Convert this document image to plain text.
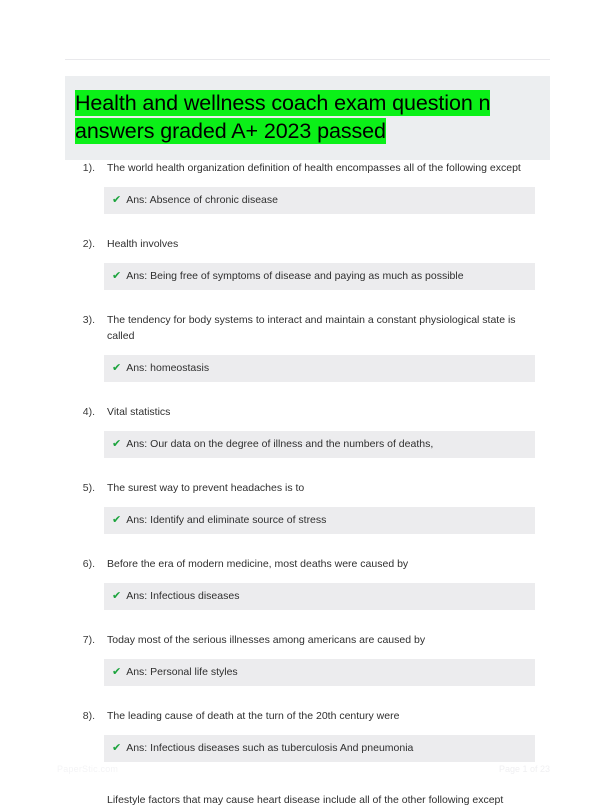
Health and wellness coach exam question n
answers graded A+ 2023 passed
1).	The world health organization definition of health encompasses all of the following except

✔ Ans: Absence of chronic disease
2).	Health involves

✔ Ans: Being free of symptoms of disease and paying as much as possible
3).	The tendency for body systems to interact and maintain a constant physiological state is called

✔ Ans: homeostasis
4).	Vital statistics

✔ Ans: Our data on the degree of illness and the numbers of deaths,
5).	The surest way to prevent headaches is to

✔ Ans: Identify and eliminate source of stress
6).	Before the era of modern medicine, most deaths were caused by

✔ Ans: Infectious diseases
7).	Today most of the serious illnesses among americans are caused by

✔ Ans: Personal life styles
8).	The leading cause of death at the turn of the 20th century were

✔ Ans: Infectious diseases such as tuberculosis And pneumonia

Lifestyle factors that may cause heart disease include all of the other following except

PaperStic.com	Page 1 of 23
